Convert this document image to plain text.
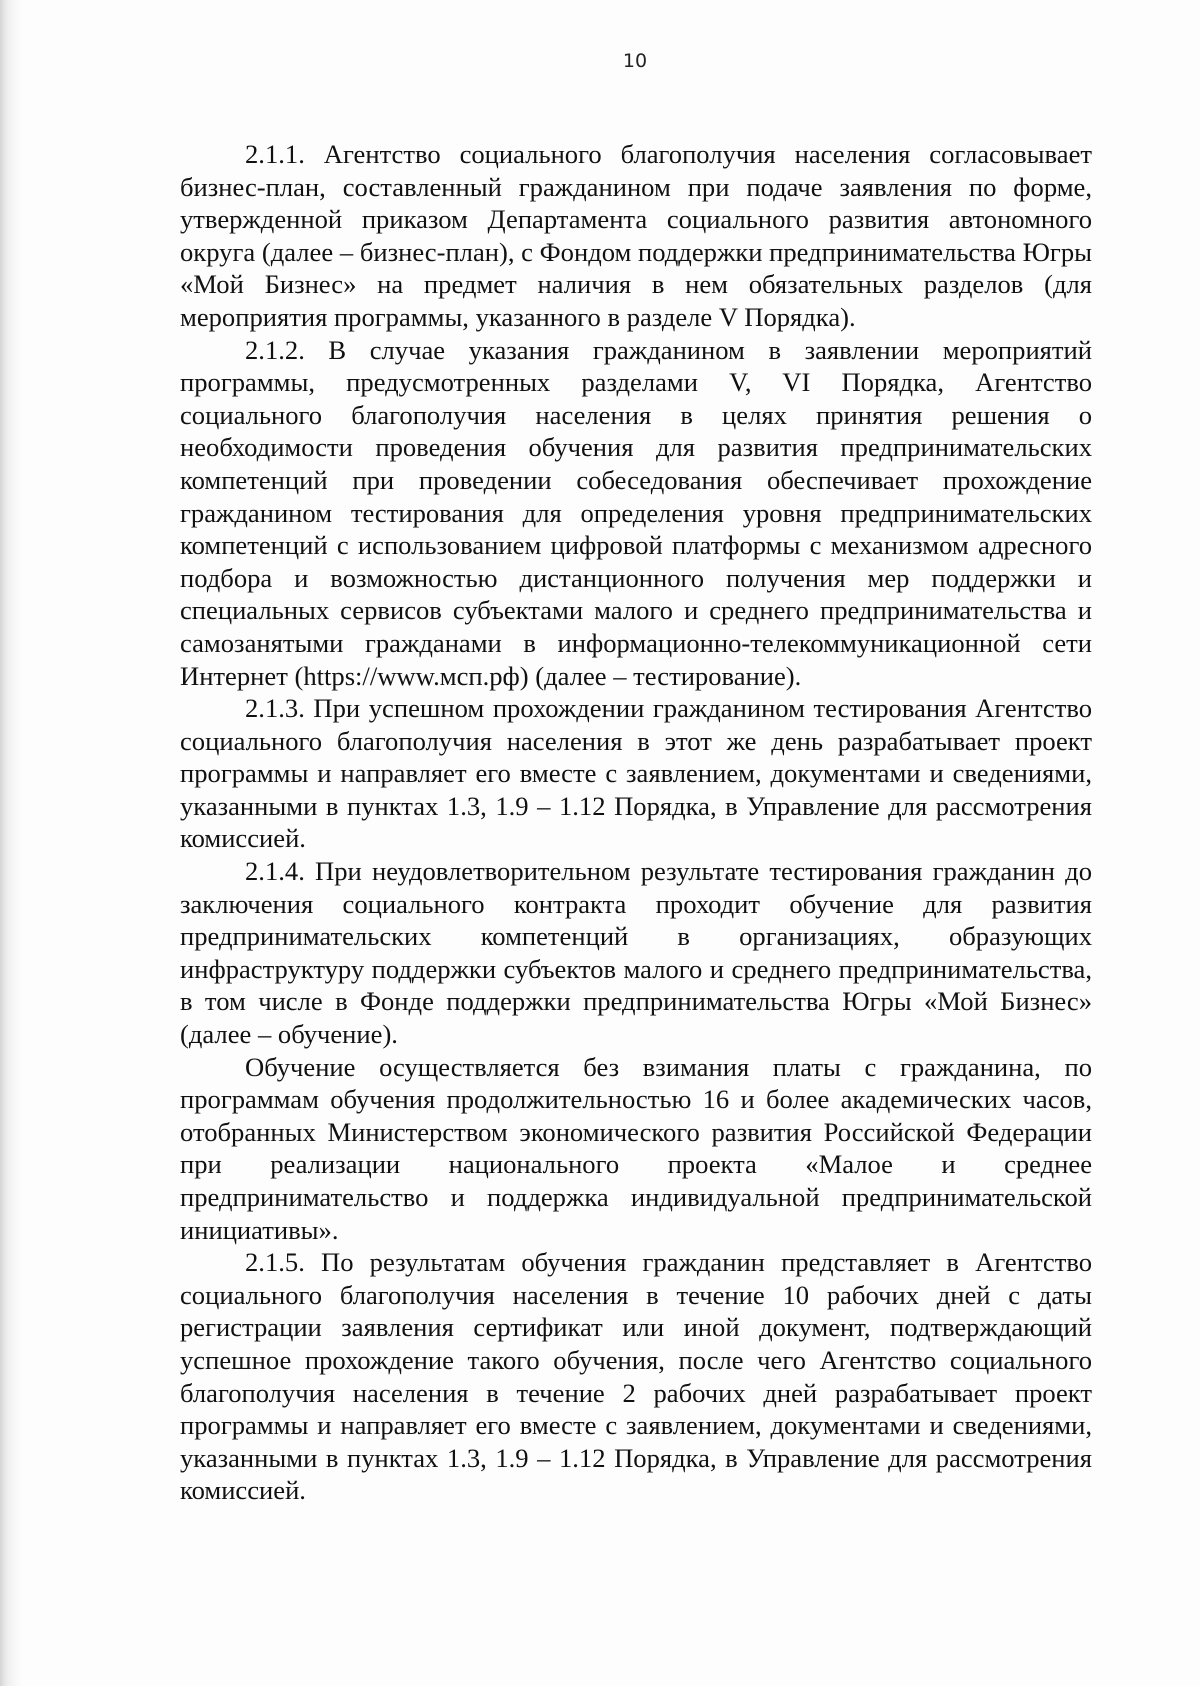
10

2.1.1. Агентство социального благополучия населения согласовывает бизнес-план, составленный гражданином при подаче заявления по форме, утвержденной приказом Департамента социального развития автономного округа (далее – бизнес-план), с Фондом поддержки предпринимательства Югры «Мой Бизнес» на предмет наличия в нем обязательных разделов (для мероприятия программы, указанного в разделе V Порядка).

2.1.2. В случае указания гражданином в заявлении мероприятий программы, предусмотренных разделами V, VI Порядка, Агентство социального благополучия населения в целях принятия решения о необходимости проведения обучения для развития предпринимательских компетенций при проведении собеседования обеспечивает прохождение гражданином тестирования для определения уровня предпринимательских компетенций с использованием цифровой платформы с механизмом адресного подбора и возможностью дистанционного получения мер поддержки и специальных сервисов субъектами малого и среднего предпринимательства и самозанятыми гражданами в информационно-телекоммуникационной сети Интернет (https://www.мсп.рф) (далее – тестирование).

2.1.3. При успешном прохождении гражданином тестирования Агентство социального благополучия населения в этот же день разрабатывает проект программы и направляет его вместе с заявлением, документами и сведениями, указанными в пунктах 1.3, 1.9 – 1.12 Порядка, в Управление для рассмотрения комиссией.

2.1.4. При неудовлетворительном результате тестирования гражданин до заключения социального контракта проходит обучение для развития предпринимательских компетенций в организациях, образующих инфраструктуру поддержки субъектов малого и среднего предпринимательства, в том числе в Фонде поддержки предпринимательства Югры «Мой Бизнес» (далее – обучение).

Обучение осуществляется без взимания платы с гражданина, по программам обучения продолжительностью 16 и более академических часов, отобранных Министерством экономического развития Российской Федерации при реализации национального проекта «Малое и среднее предпринимательство и поддержка индивидуальной предпринимательской инициативы».

2.1.5. По результатам обучения гражданин представляет в Агентство социального благополучия населения в течение 10 рабочих дней с даты регистрации заявления сертификат или иной документ, подтверждающий успешное прохождение такого обучения, после чего Агентство социального благополучия населения в течение 2 рабочих дней разрабатывает проект программы и направляет его вместе с заявлением, документами и сведениями, указанными в пунктах 1.3, 1.9 – 1.12 Порядка, в Управление для рассмотрения комиссией.
